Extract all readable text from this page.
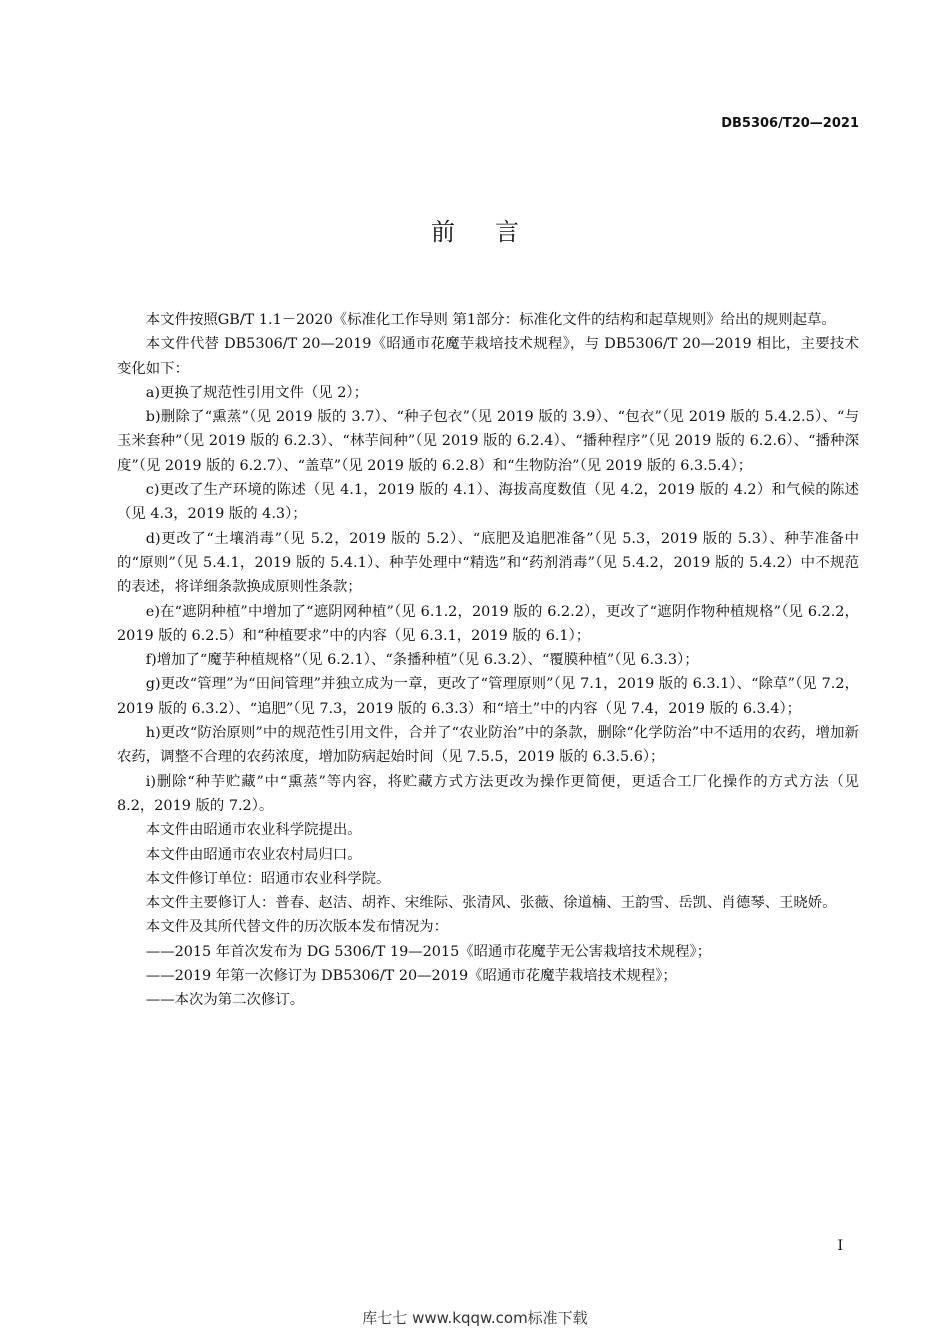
DB5306/T20—2021
前言

本文件按照GB/T 1.1－2020《标准化工作导则 第1部分：标准化文件的结构和起草规则》给出的规则起草。

本文件代替 DB5306/T 20—2019《昭通市花魔芋栽培技术规程》，与 DB5306/T 20—2019 相比，主要技术变化如下：

a)更换了规范性引用文件（见 2）；

b)删除了“熏蒸”（见 2019 版的 3.7）、“种子包衣”（见 2019 版的 3.9）、“包衣”（见 2019 版的 5.4.2.5）、“与玉米套种”（见 2019 版的 6.2.3）、“林芋间种”（见 2019 版的 6.2.4）、“播种程序”（见 2019 版的 6.2.6）、“播种深度”（见 2019 版的 6.2.7）、“盖草”（见 2019 版的 6.2.8）和“生物防治”（见 2019 版的 6.3.5.4）；

c)更改了生产环境的陈述（见 4.1，2019 版的 4.1）、海拔高度数值（见 4.2，2019 版的 4.2）和气候的陈述（见 4.3，2019 版的 4.3）；

d)更改了“土壤消毒”（见 5.2，2019 版的 5.2）、“底肥及追肥准备”（见 5.3，2019 版的 5.3）、种芋准备中的“原则”（见 5.4.1，2019 版的 5.4.1）、种芋处理中“精选”和“药剂消毒”（见 5.4.2，2019 版的 5.4.2）中不规范的表述，将详细条款换成原则性条款；

e)在“遮阴种植”中增加了“遮阴网种植”（见 6.1.2，2019 版的 6.2.2），更改了“遮阴作物种植规格”（见 6.2.2，2019 版的 6.2.5）和“种植要求”中的内容（见 6.3.1，2019 版的 6.1）；

f)增加了“魔芋种植规格”（见 6.2.1）、“条播种植”（见 6.3.2）、“覆膜种植”（见 6.3.3）；

g)更改“管理”为“田间管理”并独立成为一章，更改了“管理原则”（见 7.1，2019 版的 6.3.1）、“除草”（见 7.2，2019 版的 6.3.2）、“追肥”（见 7.3，2019 版的 6.3.3）和“培土”中的内容（见 7.4，2019 版的 6.3.4）；

h)更改“防治原则”中的规范性引用文件，合并了“农业防治”中的条款，删除“化学防治”中不适用的农药，增加新农药，调整不合理的农药浓度，增加防病起始时间（见 7.5.5，2019 版的 6.3.5.6）；

i)删除“种芋贮藏”中“熏蒸”等内容，将贮藏方式方法更改为操作更简便，更适合工厂化操作的方式方法（见 8.2，2019 版的 7.2）。

本文件由昭通市农业科学院提出。

本文件由昭通市农业农村局归口。

本文件修订单位：昭通市农业科学院。

本文件主要修订人：普春、赵洁、胡祚、宋维际、张清风、张薇、徐道楠、王韵雪、岳凯、肖德琴、王晓娇。

本文件及其所代替文件的历次版本发布情况为：

——2015 年首次发布为 DG 5306/T 19—2015《昭通市花魔芋无公害栽培技术规程》；

——2019 年第一次修订为 DB5306/T 20—2019《昭通市花魔芋栽培技术规程》；

——本次为第二次修订。

I
库七七 www.kqqw.com标准下载
